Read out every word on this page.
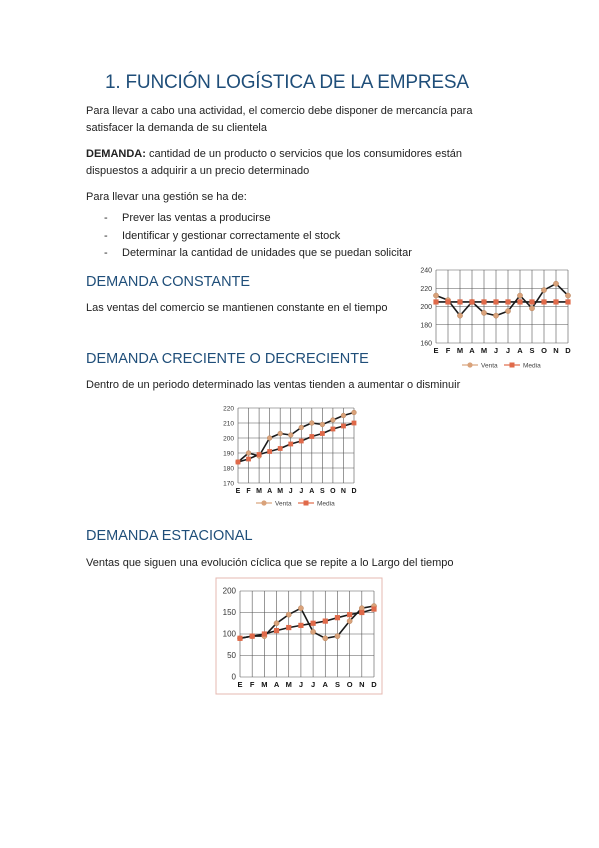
1. FUNCIÓN LOGÍSTICA DE LA EMPRESA
Para llevar a cabo una actividad, el comercio debe disponer de mercancía para
satisfacer la demanda de su clientela
DEMANDA: cantidad de un producto o servicios que los consumidores están
dispuestos a adquirir a un precio determinado
Para llevar una gestión se ha de:
- Prever las ventas a producirse
- Identificar y gestionar correctamente el stock
- Determinar la cantidad de unidades que se puedan solicitar
DEMANDA CONSTANTE
Las ventas del comercio se mantienen constante en el tiempo
DEMANDA CRECIENTE O DECRECIENTE
Dentro de un periodo determinado las ventas tienden a aumentar o disminuir
DEMANDA ESTACIONAL
Ventas que siguen una evolución cíclica que se repite a lo Largo del tiempo
160
180
200
220
240
E F M A M J J A S O N D
Venta	Media
170
180
190
200
210
220
E F M A M J J A S O N D
Venta	Media
0
50
100
150
200
E F M A M J J A S O N D
